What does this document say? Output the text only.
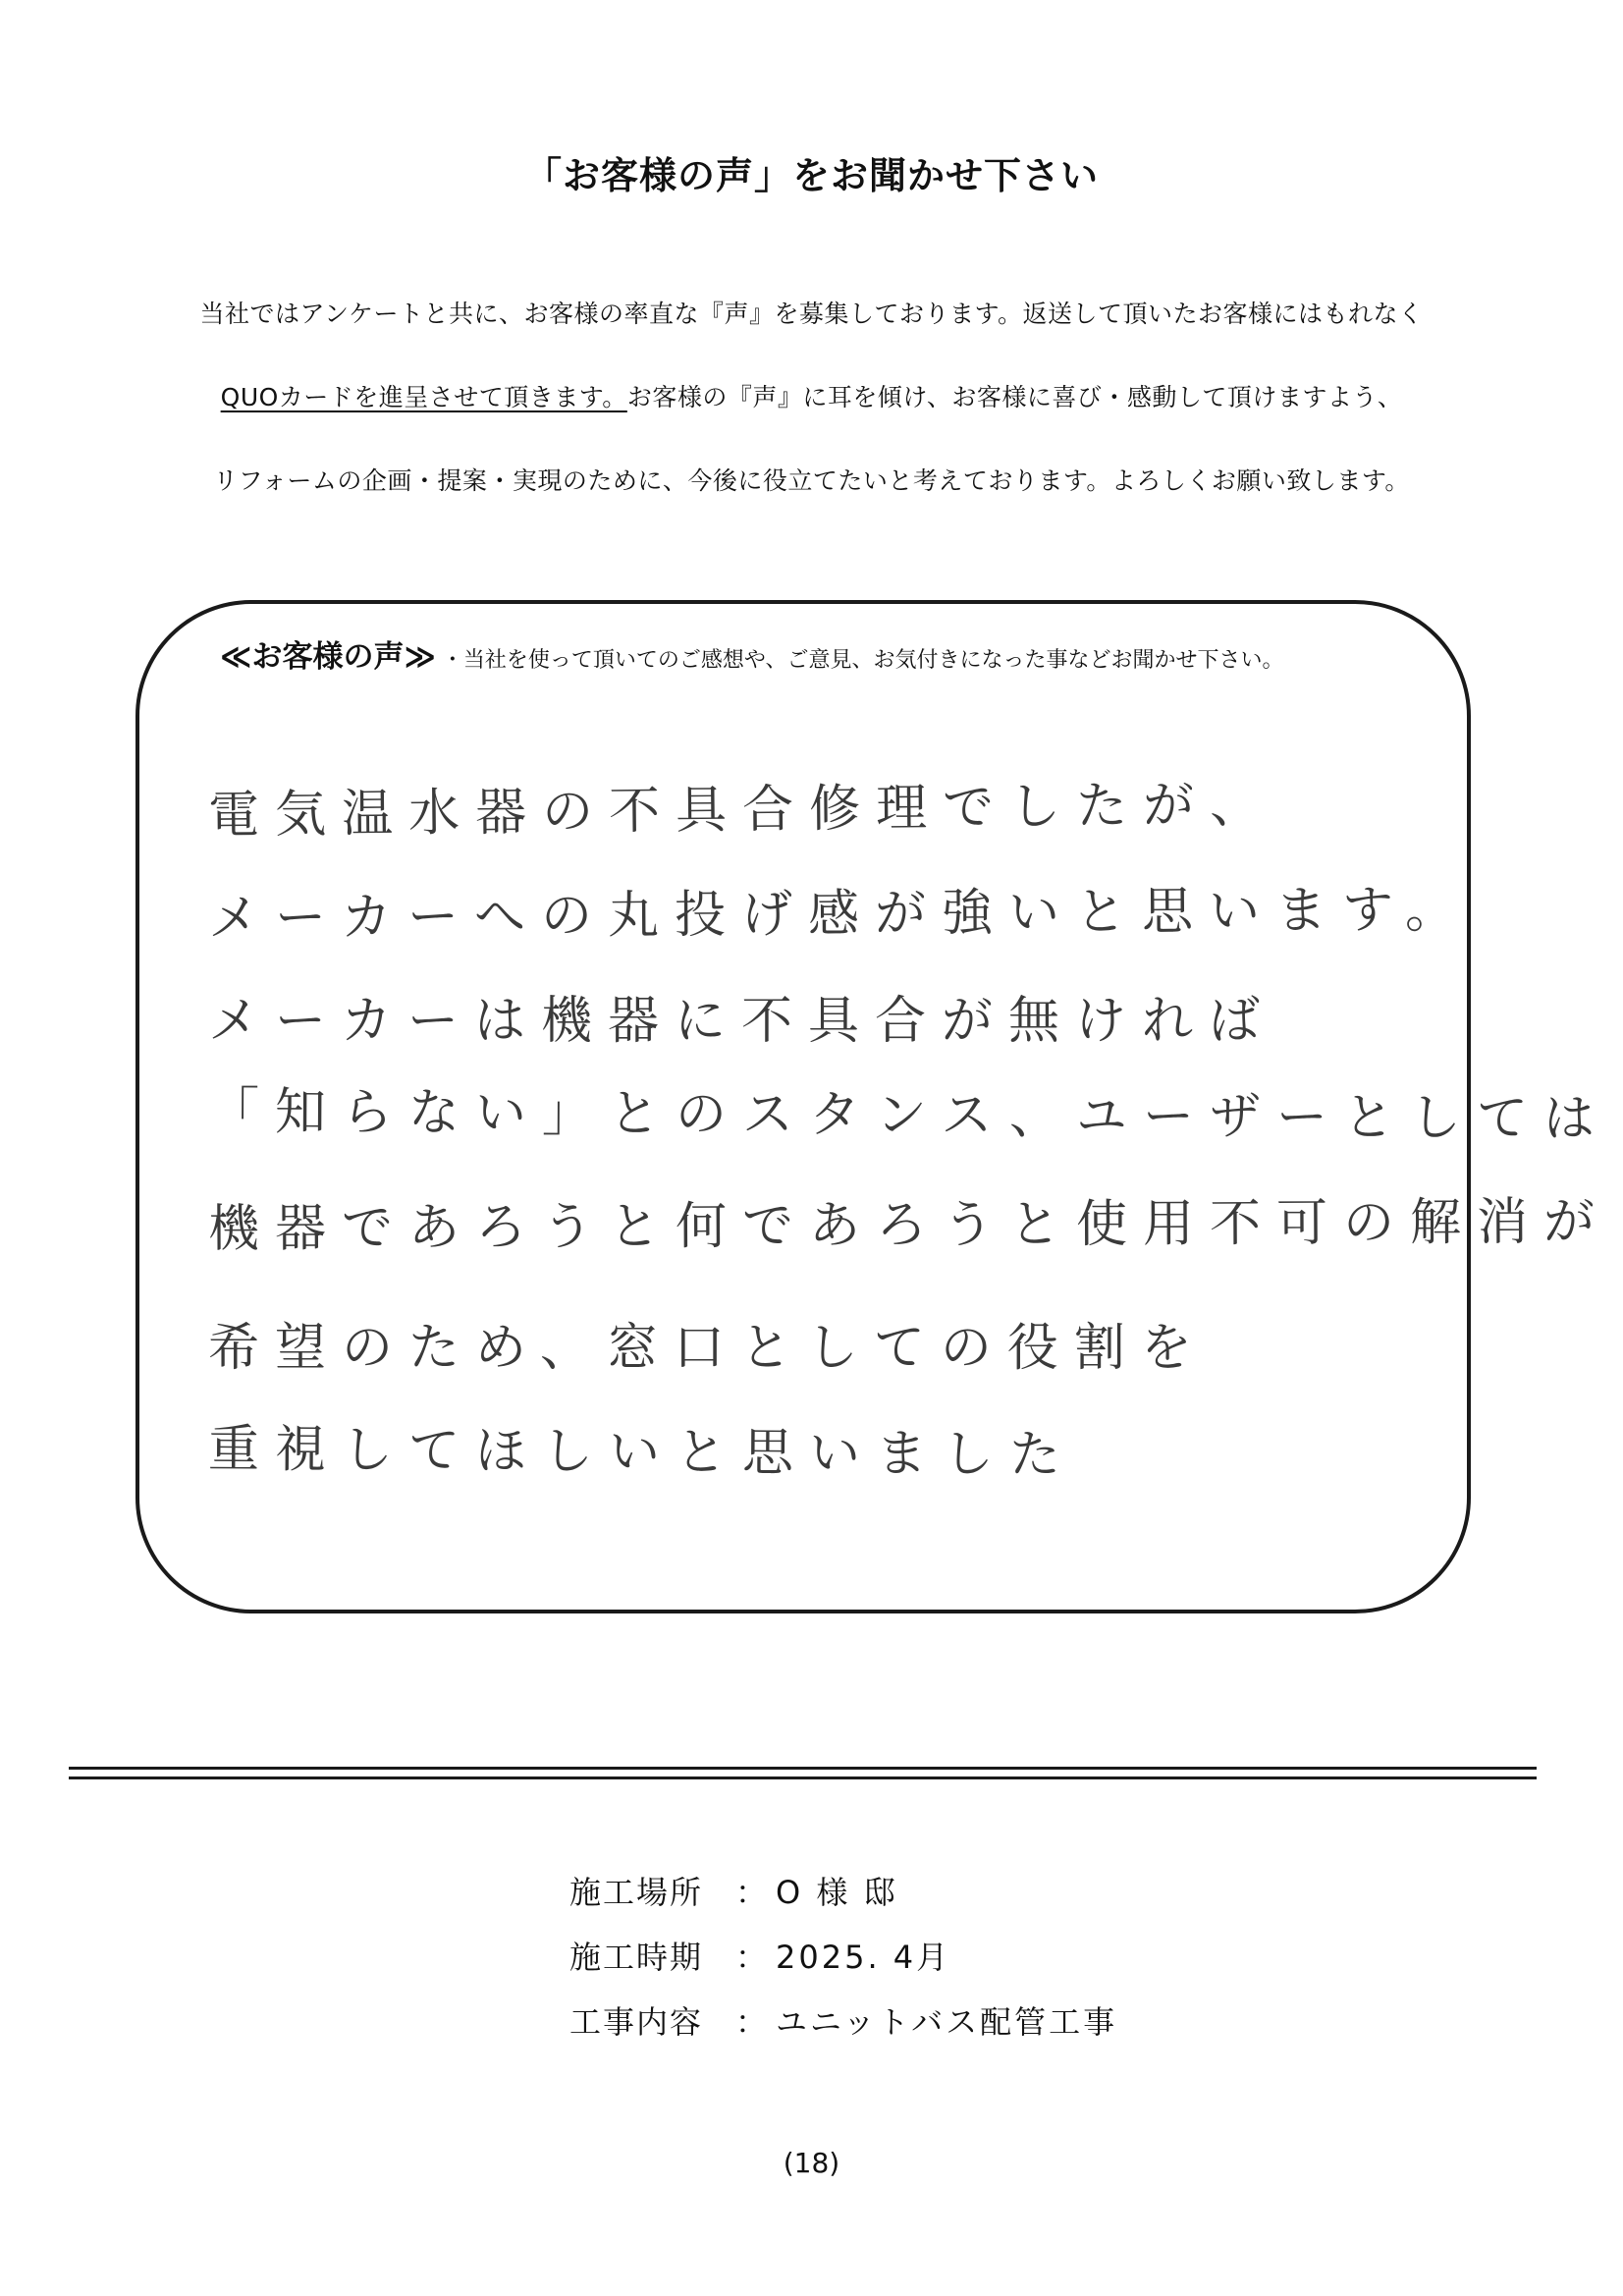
「お客様の声」をお聞かせ下さい
当社ではアンケートと共に、お客様の率直な『声』を募集しております。返送して頂いたお客様にはもれなく
QUOカードを進呈させて頂きます。お客様の『声』に耳を傾け、お客様に喜び・感動して頂けますよう、
リフォームの企画・提案・実現のために、今後に役立てたいと考えております。よろしくお願い致します。
≪お客様の声≫ ・当社を使って頂いてのご感想や、ご意見、お気付きになった事などお聞かせ下さい。
電気温水器の不具合修理でしたが、
メーカーへの丸投げ感が強いと思います。
メーカーは機器に不具合が無ければ
「知らない」とのスタンス、ユーザーとしては
機器であろうと何であろうと使用不可の解消が
希望のため、窓口としての役割を
重視してほしいと思いました
施工場所 ： O 様 邸
施工時期 ： 2025. 4月
工事内容 ： ユニットバス配管工事
(18)
